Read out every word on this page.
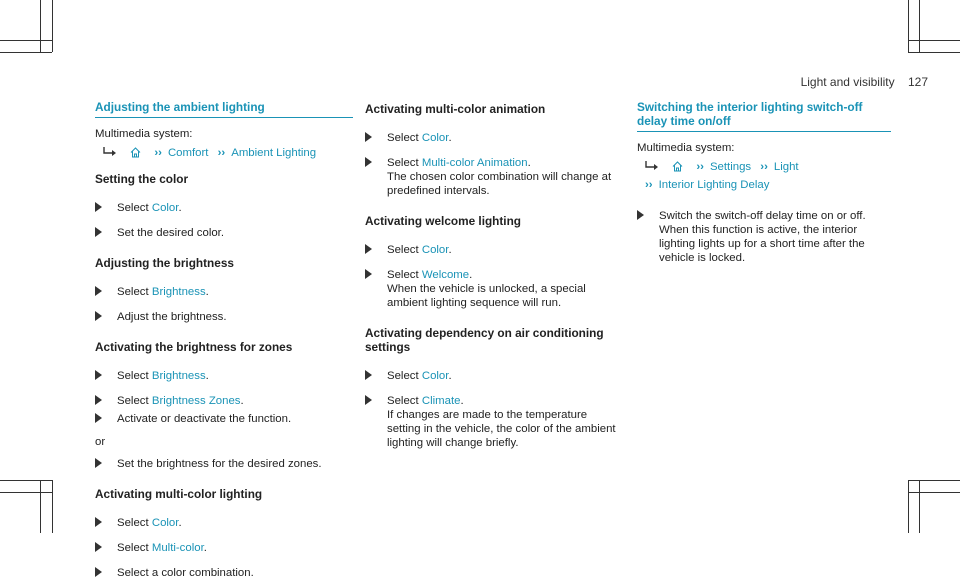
Light and visibility 127
Adjusting the ambient lighting
Multimedia system:
›› Comfort ›› Ambient Lighting
Setting the color
Select Color.
Set the desired color.
Adjusting the brightness
Select Brightness.
Adjust the brightness.
Activating the brightness for zones
Select Brightness.
Select Brightness Zones.
Activate or deactivate the function.
or
Set the brightness for the desired zones.
Activating multi-color lighting
Select Color.
Select Multi-color.
Select a color combination.
Activating multi-color animation
Select Color.
Select Multi-color Animation.
The chosen color combination will change at predefined intervals.
Activating welcome lighting
Select Color.
Select Welcome.
When the vehicle is unlocked, a special ambient lighting sequence will run.
Activating dependency on air conditioning settings
Select Color.
Select Climate.
If changes are made to the temperature setting in the vehicle, the color of the ambient lighting will change briefly.
Switching the interior lighting switch-off delay time on/off
Multimedia system:
›› Settings ›› Light
›› Interior Lighting Delay
Switch the switch-off delay time on or off.
When this function is active, the interior lighting lights up for a short time after the vehicle is locked.
